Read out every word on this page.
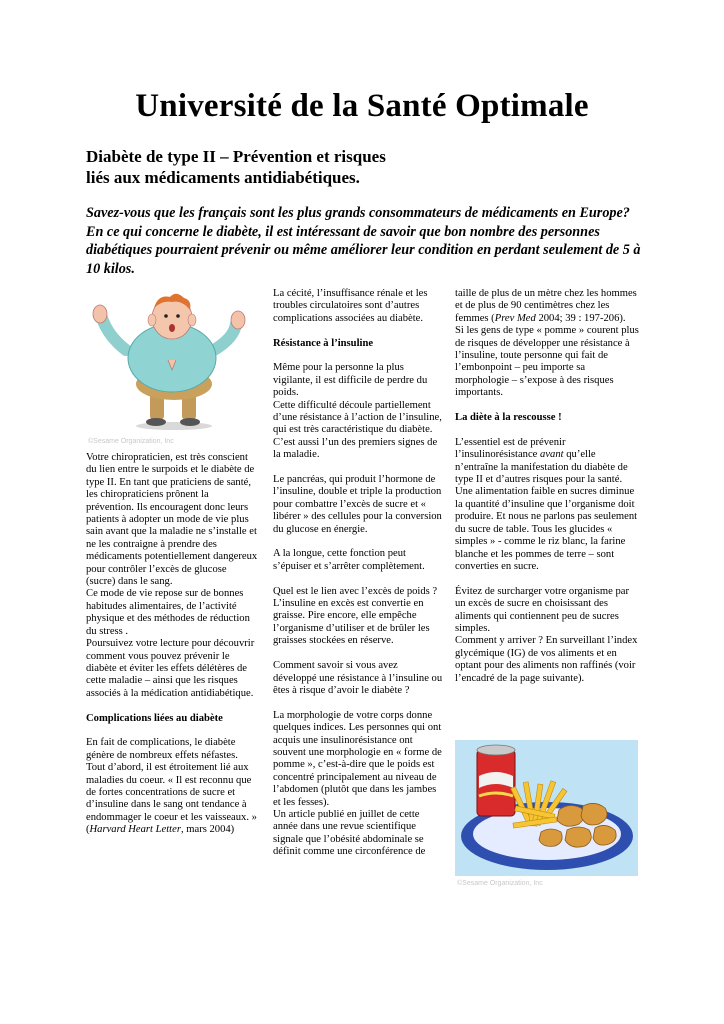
Université de la Santé Optimale
Diabète de type II – Prévention et risques
liés aux médicaments antidiabétiques.
Savez-vous que les français sont les plus grands consommateurs de médicaments en Europe? En ce qui concerne le diabète, il est intéressant de savoir que bon nombre des personnes diabétiques pourraient prévenir ou même améliorer leur condition en perdant seulement de 5 à 10 kilos.
©Sesame Organization, Inc

Votre chiropraticien, est très conscient du lien entre le surpoids et le diabète de type II. En tant que praticiens de santé, les chiropraticiens prônent la prévention. Ils encouragent donc leurs patients à adopter un mode de vie plus sain avant que la maladie ne s’installe et ne les contraigne à prendre des médicaments potentiellement dangereux pour contrôler l’excès de glucose (sucre) dans le sang.

Ce mode de vie repose sur de bonnes habitudes alimentaires, de l’activité physique et des méthodes de réduction du stress .

Poursuivez votre lecture pour découvrir comment vous pouvez prévenir le diabète et éviter les effets délétères de cette maladie – ainsi que les risques associés à la médication antidiabétique.

Complications liées au diabète

En fait de complications, le diabète génère de nombreux effets néfastes. Tout d’abord, il est étroitement lié aux maladies du coeur. « Il est reconnu que de fortes concentrations de sucre et d’insuline dans le sang ont tendance à endommager le coeur et les vaisseaux. » (Harvard Heart Letter, mars 2004)

La cécité, l’insuffisance rénale et les troubles circulatoires sont d’autres complications associées au diabète.

Résistance à l’insuline

Même pour la personne la plus vigilante, il est difficile de perdre du poids.

Cette difficulté découle partiellement d’une résistance à l’action de l’insuline, qui est très caractéristique du diabète. C’est aussi l’un des premiers signes de la maladie.

Le pancréas, qui produit l’hormone de l’insuline, double et triple la production pour combattre l’excès de sucre et « libérer » des cellules pour la conversion du glucose en énergie.

A la longue, cette fonction peut s’épuiser et s’arrêter complètement.

Quel est le lien avec l’excès de poids ? L’insuline en excès est convertie en graisse. Pire encore, elle empêche l’organisme d’utiliser et de brûler les graisses stockées en réserve.

Comment savoir si vous avez développé une résistance à l’insuline ou êtes à risque d’avoir le diabète ?

La morphologie de votre corps donne quelques indices. Les personnes qui ont acquis une insulinorésistance ont souvent une morphologie en « forme de pomme », c’est-à-dire que le poids est concentré principalement au niveau de l’abdomen (plutôt que dans les jambes et les fesses).

Un article publié en juillet de cette année dans une revue scientifique signale que l’obésité abdominale se définit comme une circonférence de

taille de plus de un mètre chez les hommes et de plus de 90 centimètres chez les femmes (Prev Med 2004; 39 : 197-206).

Si les gens de type « pomme » courent plus de risques de développer une résistance à l’insuline, toute personne qui fait de l’embonpoint – peu importe sa morphologie – s’expose à des risques importants.

La diète à la rescousse !

L’essentiel est de prévenir l’insulinorésistance avant qu’elle n’entraîne la manifestation du diabète de type II et d’autres risques pour la santé.

Une alimentation faible en sucres diminue la quantité d’insuline que l’organisme doit produire. Et nous ne parlons pas seulement du sucre de table. Tous les glucides « simples » - comme le riz blanc, la farine blanche et les pommes de terre – sont converties en sucre.

Évitez de surcharger votre organisme par un excès de sucre en choisissant des aliments qui contiennent peu de sucres simples.

Comment y arriver ? En surveillant l’index glycémique (IG) de vos aliments et en optant pour des aliments non raffinés (voir l’encadré de la page suivante).

©Sesame Organization, Inc
